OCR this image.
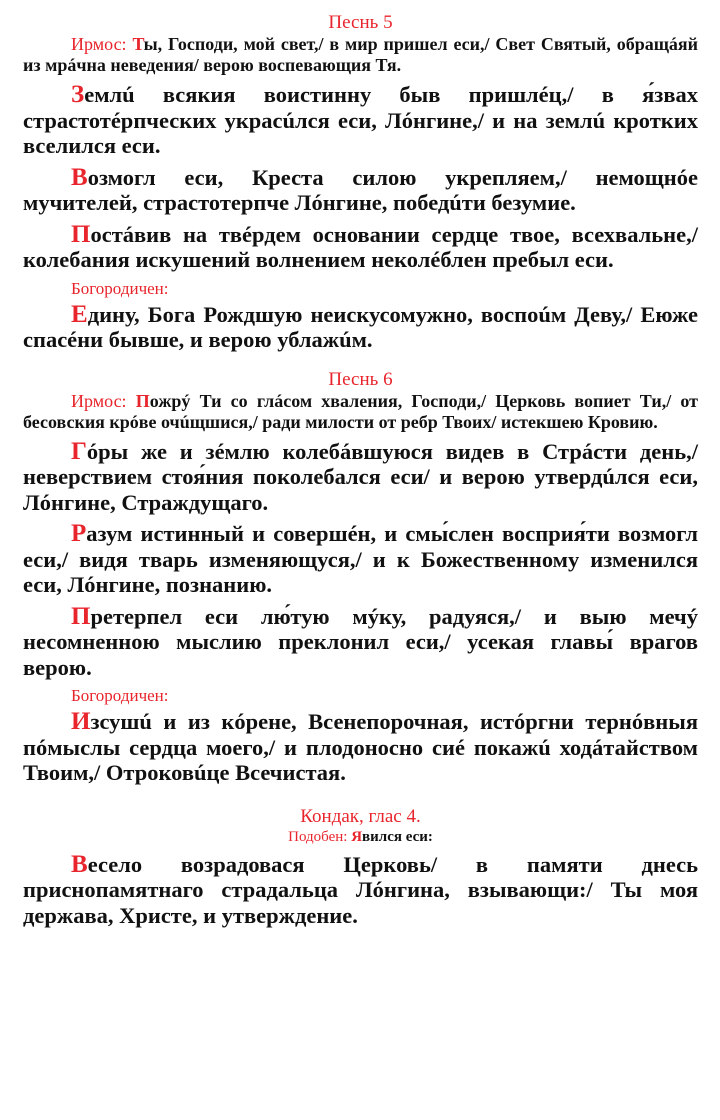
Песнь 5
Ирмос: Ты, Господи, мой свет,/ в мир пришел еси,/ Свет Святый, обращáяй из мрáчна неведения/ верою воспевающия Тя.
Землú всякия воистинну быв пришлéц,/ в я́звах страстотéрпческих украсúлся еси, Лóнгине,/ и на землú кротких вселился еси.
Возмогл еси, Креста силою укрепляем,/ немощнóе мучителей, страстотерпче Лóнгине, победúти безумие.
Постáвив на твéрдем основании сердце твое, всехвальне,/ колебания искушений волнением неколéблен пребыл еси.
Богородичен:
Едину, Бога Рождшую неискусомужно, воспоúм Деву,/ Еюже спасéни бывше, и верою ублажúм.
Песнь 6
Ирмос: Пожрý Ти со глáсом хваления, Господи,/ Церковь вопиет Ти,/ от бесовския крóве очúщшися,/ ради милости от ребр Твоих/ истекшею Кровию.
Гóры же и зéмлю колебáвшуюся видев в Стрáсти день,/ неверствием стоя́ния поколебался еси/ и верою утвердúлся еси, Лóнгине, Страждущаго.
Разум истинный и совершéн, и смы́слен восприя́ти возмогл еси,/ видя тварь изменяющуся,/ и к Божественному изменился еси, Лóнгине, познанию.
Претерпел еси лю́тую мýку, радуяся,/ и выю мечý несомненною мыслию преклонил еси,/ усекая главы́ врагов верою.
Богородичен:
Изсушú и из кóрене, Всенепорочная, истóргни тернóвныя пóмыслы сердца моего,/ и плодоносно сиé покажú ходáтайством Твоим,/ Отроковúце Всечистая.
Кондак, глас 4.
Подобен: Явился еси:
Весело возрадовася Церковь/ в памяти днесь приснопамятнаго страдальца Лóнгина, взывающи:/ Ты моя держава, Христе, и утверждение.
